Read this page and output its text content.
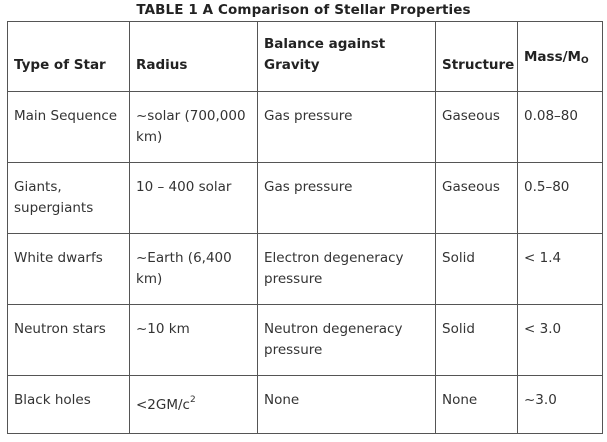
TABLE 1 A Comparison of Stellar Properties
Type of Star	Radius	Balance against Gravity	Structure	Mass/$M_O$
Main Sequence	~solar (700,000 km)	Gas pressure	Gaseous	0.08–80
Giants, supergiants	10 – 400 solar	Gas pressure	Gaseous	0.5–80
White dwarfs	~Earth (6,400 km)	Electron degeneracy pressure	Solid	< 1.4
Neutron stars	~10 km	Neutron degeneracy pressure	Solid	< 3.0
Black holes	$<2GM/c^2$	None	None	~3.0
